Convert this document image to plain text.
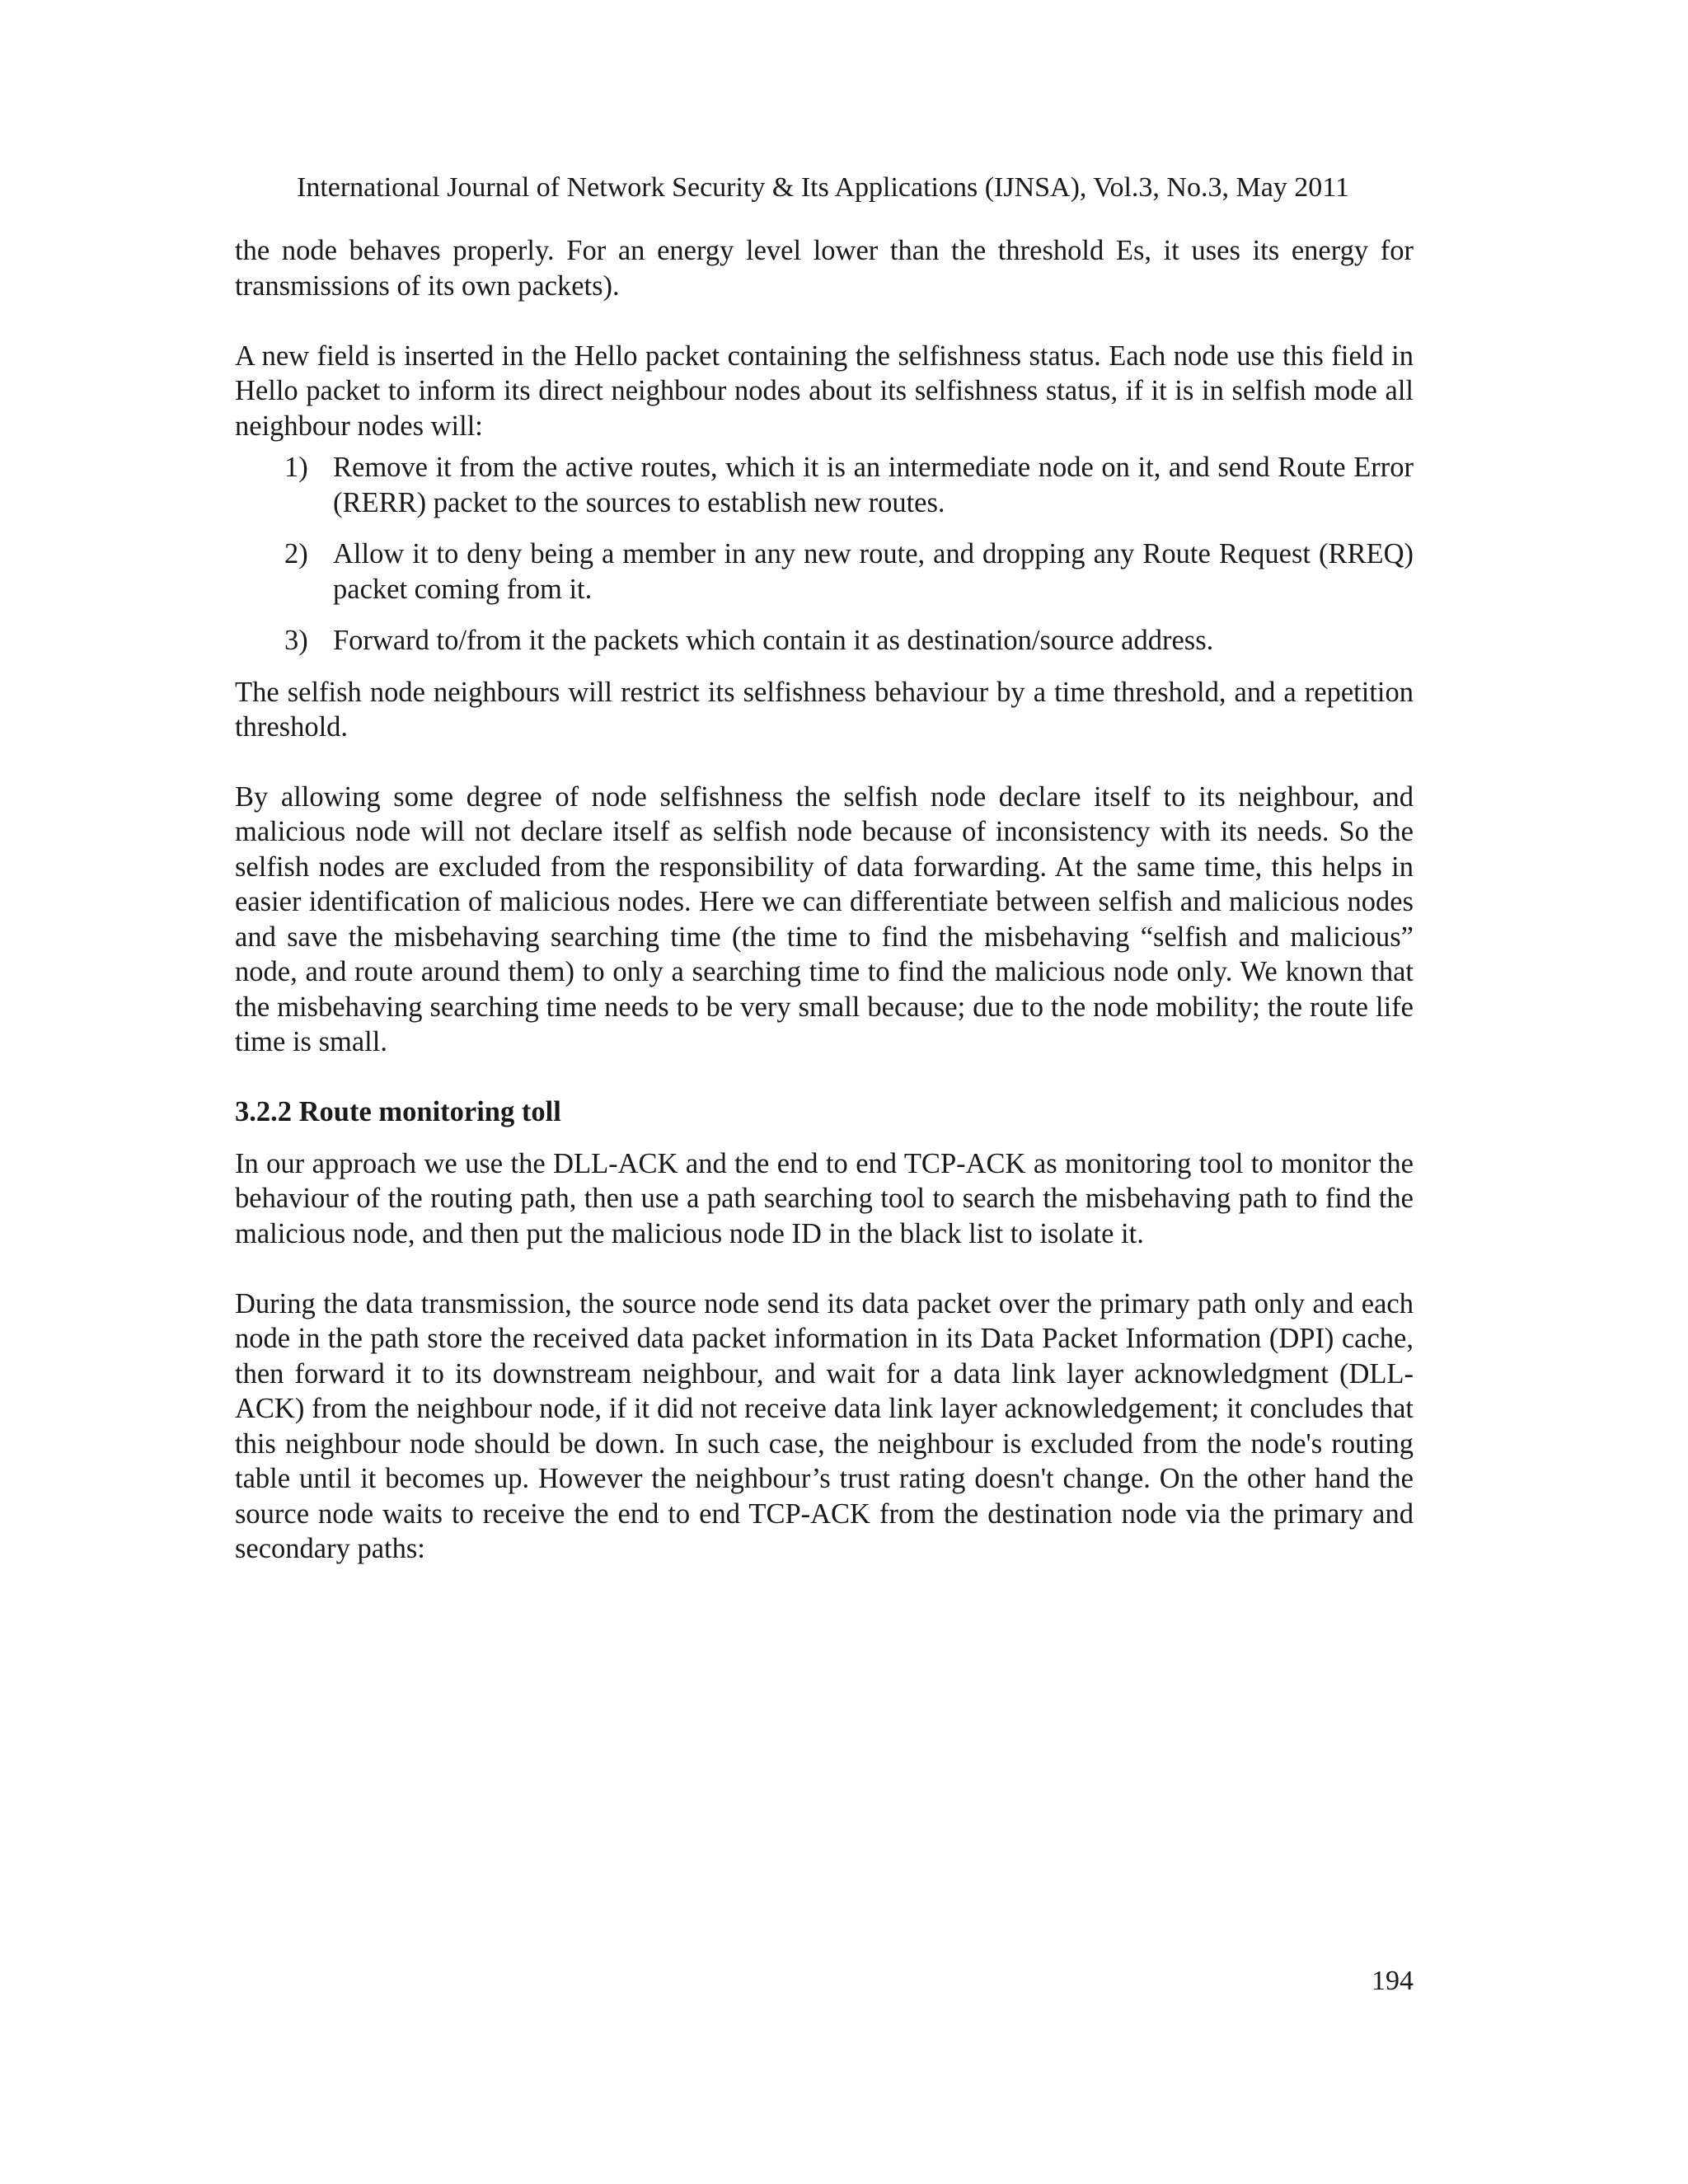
International Journal of Network Security & Its Applications (IJNSA), Vol.3, No.3, May 2011

the node behaves properly. For an energy level lower than the threshold Es, it uses its energy for transmissions of its own packets).

A new field is inserted in the Hello packet containing the selfishness status. Each node use this field in Hello packet to inform its direct neighbour nodes about its selfishness status, if it is in selfish mode all neighbour nodes will:

1) Remove it from the active routes, which it is an intermediate node on it, and send Route Error (RERR) packet to the sources to establish new routes.
2) Allow it to deny being a member in any new route, and dropping any Route Request (RREQ) packet coming from it.
3) Forward to/from it the packets which contain it as destination/source address.

The selfish node neighbours will restrict its selfishness behaviour by a time threshold, and a repetition threshold.

By allowing some degree of node selfishness the selfish node declare itself to its neighbour, and malicious node will not declare itself as selfish node because of inconsistency with its needs. So the selfish nodes are excluded from the responsibility of data forwarding. At the same time, this helps in easier identification of malicious nodes. Here we can differentiate between selfish and malicious nodes and save the misbehaving searching time (the time to find the misbehaving “selfish and malicious” node, and route around them) to only a searching time to find the malicious node only. We known that the misbehaving searching time needs to be very small because; due to the node mobility; the route life time is small.

3.2.2 Route monitoring toll

In our approach we use the DLL-ACK and the end to end TCP-ACK as monitoring tool to monitor the behaviour of the routing path, then use a path searching tool to search the misbehaving path to find the malicious node, and then put the malicious node ID in the black list to isolate it.

During the data transmission, the source node send its data packet over the primary path only and each node in the path store the received data packet information in its Data Packet Information (DPI) cache, then forward it to its downstream neighbour, and wait for a data link layer acknowledgment (DLL-ACK) from the neighbour node, if it did not receive data link layer acknowledgement; it concludes that this neighbour node should be down. In such case, the neighbour is excluded from the node's routing table until it becomes up. However the neighbour’s trust rating doesn't change. On the other hand the source node waits to receive the end to end TCP-ACK from the destination node via the primary and secondary paths:

194
